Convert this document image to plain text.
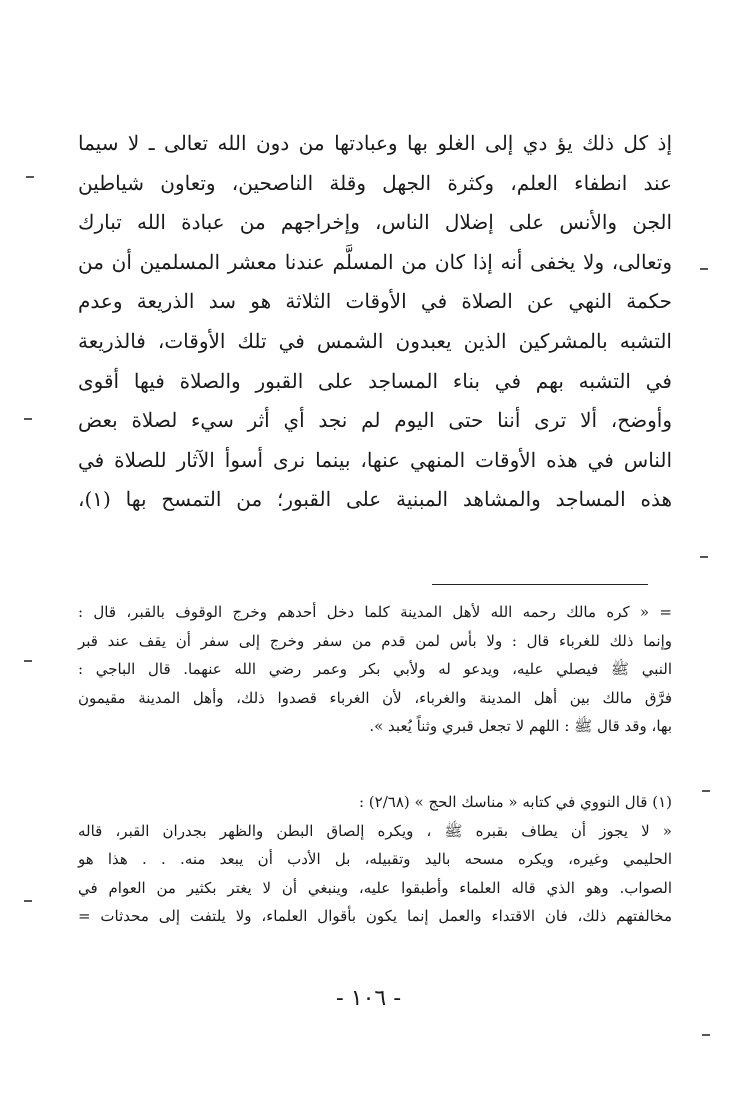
إذ كل ذلك يؤ دي إلى الغلو بها وعبادتها من دون الله تعالى ـ لا سيما
عند انطفاء العلم، وكثرة الجهل وقلة الناصحين، وتعاون شياطين
الجن والأنس على إضلال الناس، وإخراجهم من عبادة الله تبارك
وتعالى، ولا يخفى أنه إذا كان من المسلَّم عندنا معشر المسلمين أن من
حكمة النهي عن الصلاة في الأوقات الثلاثة هو سد الذريعة وعدم
التشبه بالمشركين الذين يعبدون الشمس في تلك الأوقات، فالذريعة
في التشبه بهم في بناء المساجد على القبور والصلاة فيها أقوى
وأوضح، ألا ترى أننا حتى اليوم لم نجد أي أثر سيء لصلاة بعض
الناس في هذه الأوقات المنهي عنها، بينما نرى أسوأ الآثار للصلاة في
هذه المساجد والمشاهد المبنية على القبور؛ من التمسح بها (١)،
= « كره مالك رحمه الله لأهل المدينة كلما دخل أحدهم وخرج الوقوف بالقبر، قال :
وإنما ذلك للغرباء قال : ولا بأس لمن قدم من سفر وخرج إلى سفر أن يقف عند قبر
النبي ﷺ فيصلي عليه، ويدعو له ولأبي بكر وعمر رضي الله عنهما. قال الباجي :
فرَّق مالك بين أهل المدينة والغرباء، لأن الغرباء قصدوا ذلك، وأهل المدينة مقيمون
بها، وقد قال ﷺ : اللهم لا تجعل قبري وثناً يُعبد ».
(١) قال النووي في كتابه « مناسك الحج » (٢/٦٨) :
« لا يجوز أن يطاف بقبره ﷺ ، ويكره إلصاق البطن والظهر بجدران القبر، قاله
الحليمي وغيره، ويكره مسحه باليد وتقبيله، بل الأدب أن يبعد منه. . . هذا هو
الصواب. وهو الذي قاله العلماء وأطبقوا عليه، وينبغي أن لا يغتر بكثير من العوام في
مخالفتهم ذلك، فان الاقتداء والعمل إنما يكون بأقوال العلماء، ولا يلتفت إلى محدثات =
- ١٠٦ -
